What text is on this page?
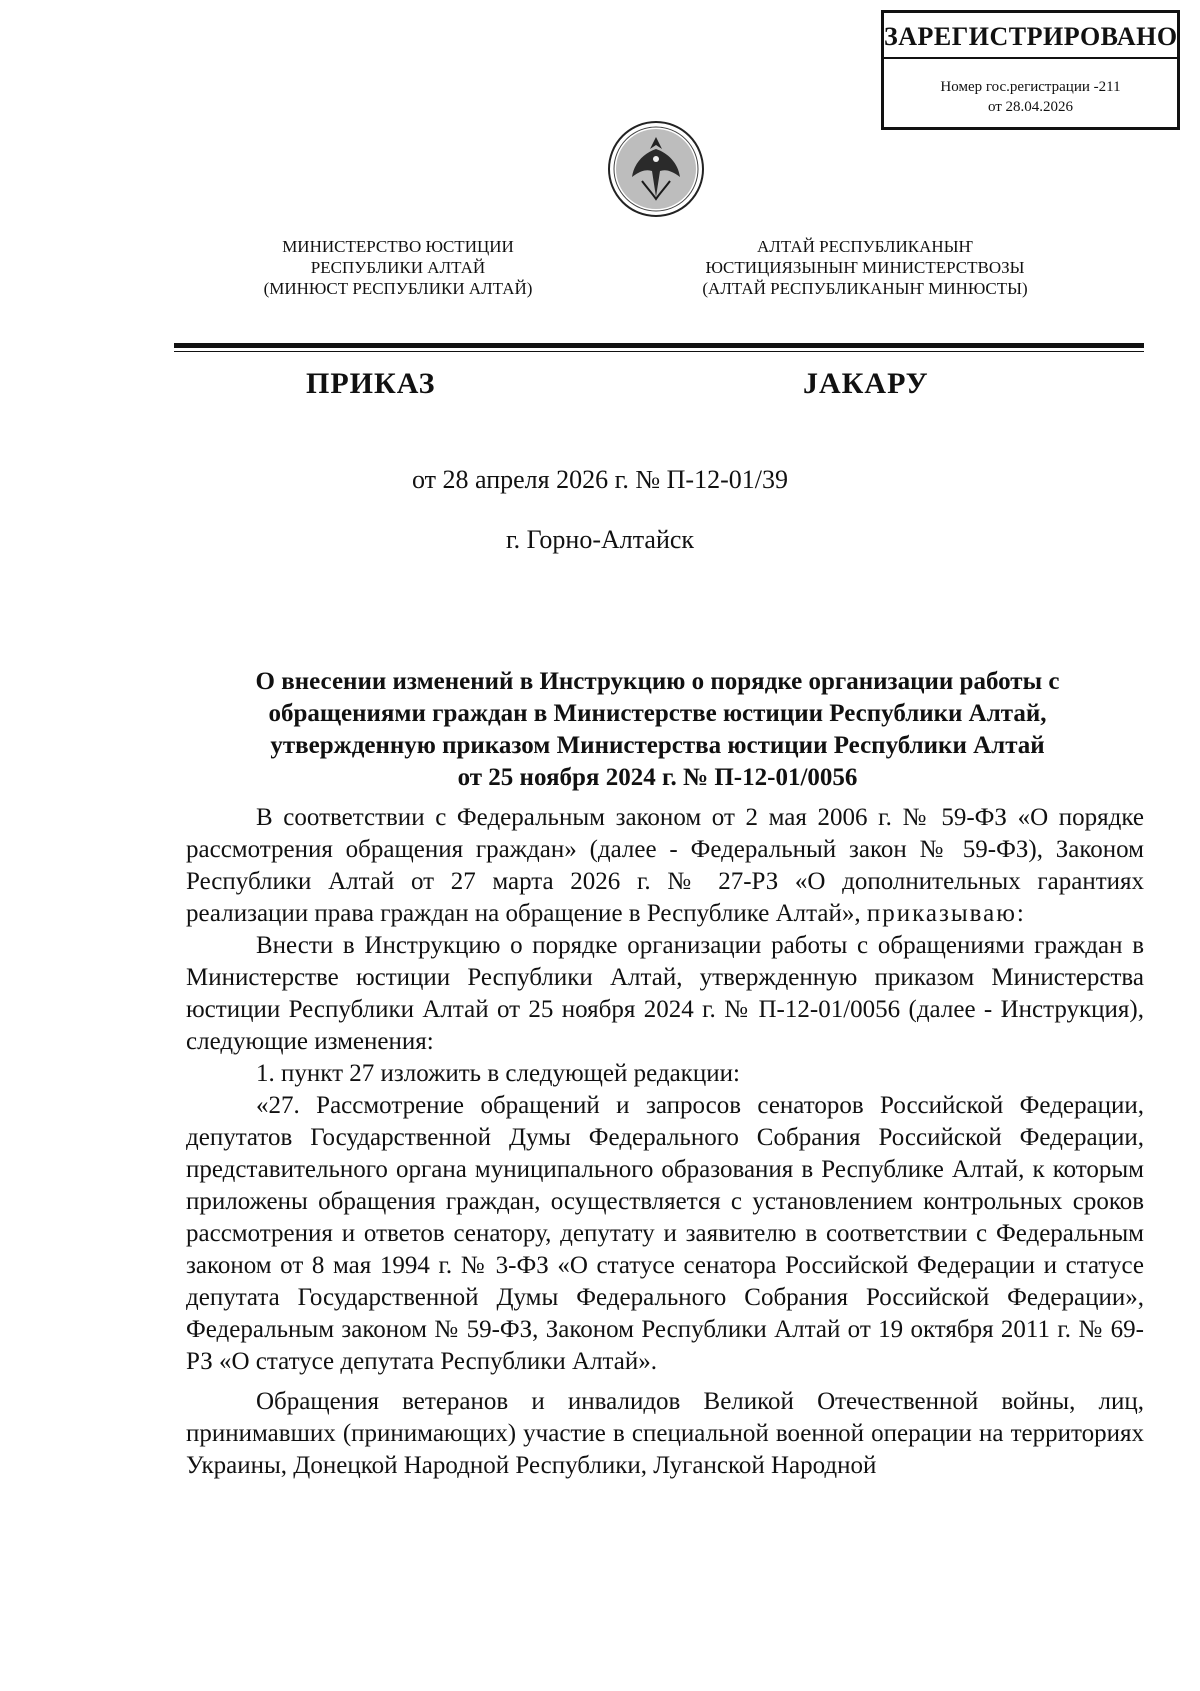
ЗАРЕГИСТРИРОВАНО
Номер гос.регистрации -211
от 28.04.2026
МИНИСТЕРСТВО ЮСТИЦИИ
РЕСПУБЛИКИ АЛТАЙ
(МИНЮСТ РЕСПУБЛИКИ АЛТАЙ)
АЛТАЙ РЕСПУБЛИКАНЫҤ
ЮСТИЦИЯЗЫНЫҤ МИНИСТЕРСТВОЗЫ
(АЛТАЙ РЕСПУБЛИКАНЫҤ МИНЮСТЫ)
ПРИКАЗ	ЈАКАРУ
от 28 апреля 2026 г. № П-12-01/39
г. Горно-Алтайск
О внесении изменений в Инструкцию о порядке организации работы с
обращениями граждан в Министерстве юстиции Республики Алтай,
утвержденную приказом Министерства юстиции Республики Алтай
от 25 ноября 2024 г. № П-12-01/0056

В соответствии с Федеральным законом от 2 мая 2006 г. № 59-ФЗ «О порядке рассмотрения обращения граждан» (далее - Федеральный закон № 59-ФЗ), Законом Республики Алтай от 27 марта 2026 г. № 27-РЗ «О дополнительных гарантиях реализации права граждан на обращение в Республике Алтай», приказываю:

Внести в Инструкцию о порядке организации работы с обращениями граждан в Министерстве юстиции Республики Алтай, утвержденную приказом Министерства юстиции Республики Алтай от 25 ноября 2024 г. № П-12-01/0056 (далее - Инструкция), следующие изменения:

1. пункт 27 изложить в следующей редакции:

«27. Рассмотрение обращений и запросов сенаторов Российской Федерации, депутатов Государственной Думы Федерального Собрания Российской Федерации, представительного органа муниципального образования в Республике Алтай, к которым приложены обращения граждан, осуществляется с установлением контрольных сроков рассмотрения и ответов сенатору, депутату и заявителю в соответствии с Федеральным законом от 8 мая 1994 г. № 3-ФЗ «О статусе сенатора Российской Федерации и статусе депутата Государственной Думы Федерального Собрания Российской Федерации», Федеральным законом № 59-ФЗ, Законом Республики Алтай от 19 октября 2011 г. № 69-РЗ «О статусе депутата Республики Алтай».

Обращения ветеранов и инвалидов Великой Отечественной войны, лиц, принимавших (принимающих) участие в специальной военной операции на территориях Украины, Донецкой Народной Республики, Луганской Народной
